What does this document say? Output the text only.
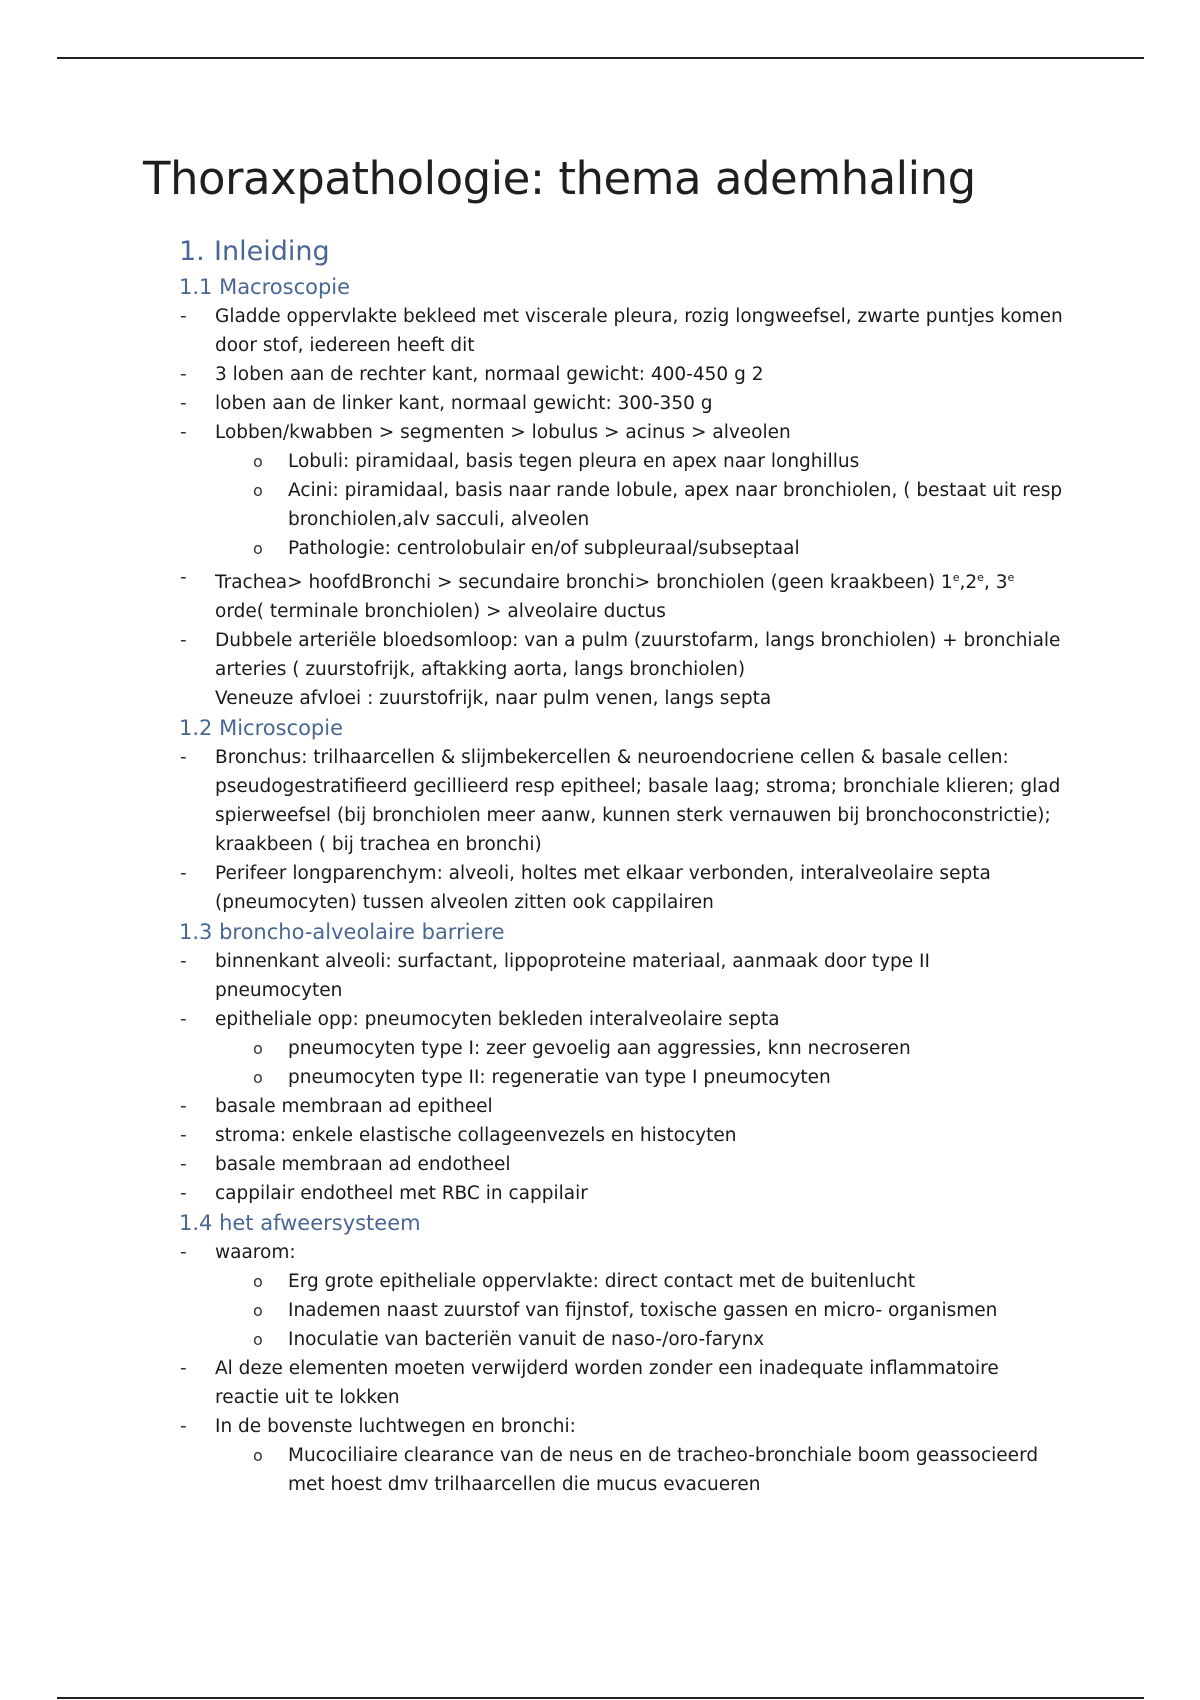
Thoraxpathologie: thema ademhaling
1. Inleiding
1.1 Macroscopie
- Gladde oppervlakte bekleed met viscerale pleura, rozig longweefsel, zwarte puntjes komen door stof, iedereen heeft dit
- 3 loben aan de rechter kant, normaal gewicht: 400-450 g 2
- loben aan de linker kant, normaal gewicht: 300-350 g
- Lobben/kwabben > segmenten > lobulus > acinus > alveolen
o Lobuli: piramidaal, basis tegen pleura en apex naar longhillus
o Acini: piramidaal, basis naar rande lobule, apex naar bronchiolen, ( bestaat uit resp bronchiolen,alv sacculi, alveolen
o Pathologie: centrolobulair en/of subpleuraal/subseptaal
- Trachea> hoofdBronchi > secundaire bronchi> bronchiolen (geen kraakbeen) 1e,2e, 3e orde( terminale bronchiolen) > alveolaire ductus
- Dubbele arteriële bloedsomloop: van a pulm (zuurstofarm, langs bronchiolen) + bronchiale arteries ( zuurstofrijk, aftakking aorta, langs bronchiolen)
Veneuze afvloei : zuurstofrijk, naar pulm venen, langs septa
1.2 Microscopie
- Bronchus: trilhaarcellen & slijmbekercellen & neuroendocriene cellen & basale cellen: pseudogestratifieerd gecillieerd resp epitheel; basale laag; stroma; bronchiale klieren; glad spierweefsel (bij bronchiolen meer aanw, kunnen sterk vernauwen bij bronchoconstrictie); kraakbeen ( bij trachea en bronchi)
- Perifeer longparenchym: alveoli, holtes met elkaar verbonden, interalveolaire septa (pneumocyten) tussen alveolen zitten ook cappilairen
1.3 broncho-alveolaire barriere
- binnenkant alveoli: surfactant, lippoproteine materiaal, aanmaak door type II pneumocyten
- epitheliale opp: pneumocyten bekleden interalveolaire septa
o pneumocyten type I: zeer gevoelig aan aggressies, knn necroseren
o pneumocyten type II: regeneratie van type I pneumocyten
- basale membraan ad epitheel
- stroma: enkele elastische collageenvezels en histocyten
- basale membraan ad endotheel
- cappilair endotheel met RBC in cappilair
1.4 het afweersysteem
- waarom:
o Erg grote epitheliale oppervlakte: direct contact met de buitenlucht
o Inademen naast zuurstof van fijnstof, toxische gassen en micro- organismen
o Inoculatie van bacteriën vanuit de naso-/oro-farynx
- Al deze elementen moeten verwijderd worden zonder een inadequate inflammatoire reactie uit te lokken
- In de bovenste luchtwegen en bronchi:
o Mucociliaire clearance van de neus en de tracheo-bronchiale boom geassocieerd met hoest dmv trilhaarcellen die mucus evacueren
